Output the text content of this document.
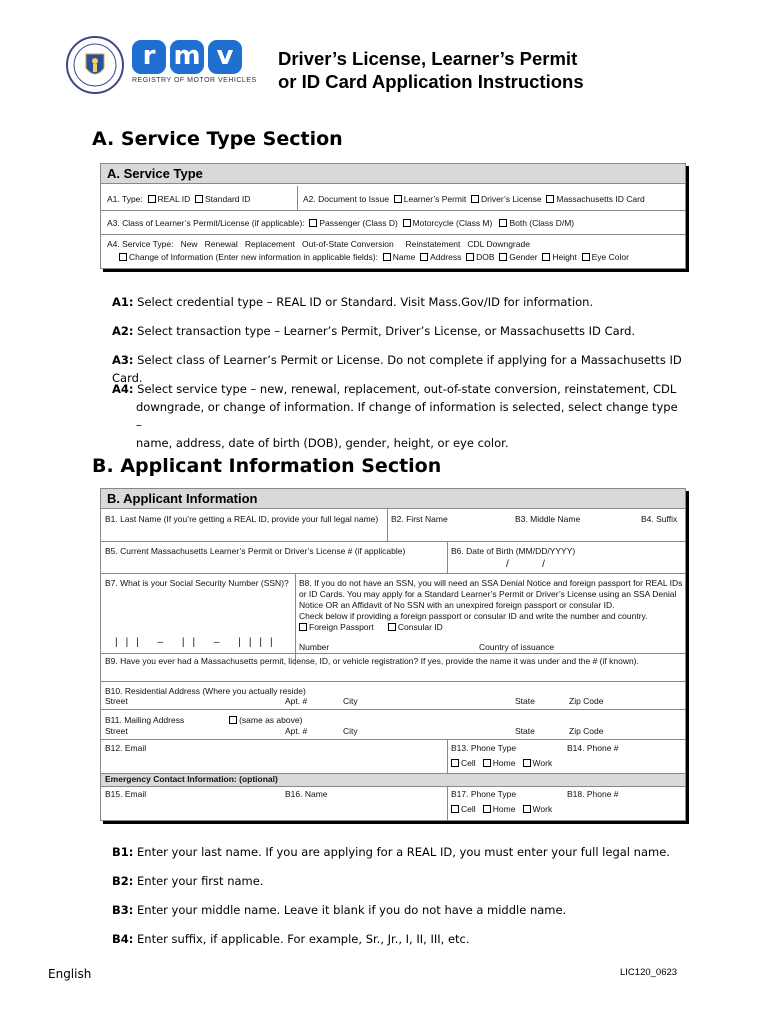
r m v
REGISTRY OF MOTOR VEHICLES
Driver’s License, Learner’s Permit
or ID Card Application Instructions
A. Service Type Section
A. Service Type
A1. Type: REAL ID Standard ID	A2. Document to Issue Learner’s Permit Driver’s License Massachusetts ID Card
A3. Class of Learner’s Permit/License (if applicable): Passenger (Class D) Motorcycle (Class M) Both (Class D/M)
A4. Service Type: New Renewal Replacement Out-of-State Conversion Reinstatement CDL Downgrade
Change of Information (Enter new information in applicable fields): Name Address DOB Gender Height Eye Color
A1: Select credential type – REAL ID or Standard. Visit Mass.Gov/ID for information.
A2: Select transaction type – Learner’s Permit, Driver’s License, or Massachusetts ID Card.
A3: Select class of Learner’s Permit or License. Do not complete if applying for a Massachusetts ID Card.
A4: Select service type – new, renewal, replacement, out-of-state conversion, reinstatement, CDL
downgrade, or change of information. If change of information is selected, select change type –
name, address, date of birth (DOB), gender, height, or eye color.
B. Applicant Information Section
B. Applicant Information
B1. Last Name (If you’re getting a REAL ID, provide your full legal name) B2. First Name	B3. Middle Name	B4. Suffix
B5. Current Massachusetts Learner’s Permit or Driver’s License # (if applicable)	B6. Date of Birth (MM/DD/YYYY)
/            /
B7. What is your Social Security Number (SSN)? B8. If you do not have an SSN, you will need an SSA Denial Notice and foreign passport for REAL IDs
or ID Cards. You may apply for a Standard Learner’s Permit or Driver’s License using an SSA Denial
Notice OR an Affidavit of No SSN with an unexpired foreign passport or consular ID.
Check below if providing a foreign passport or consular ID and write the number and country.
Foreign Passport	Consular ID
||| – || – |||| Number	Country of issuance
B9. Have you ever had a Massachusetts permit, license, ID, or vehicle registration? If yes, provide the name it was under and the # (if known).
B10. Residential Address (Where you actually reside)
Street	Apt. #	City	State	Zip Code
B11. Mailing Address	(same as above)
Street	Apt. #	City	State	Zip Code
B12. Email	B13. Phone Type	B14. Phone #
Cell Home Work
Emergency Contact Information: (optional)
B15. Email	B16. Name	B17. Phone Type	B18. Phone #
Cell Home Work
B1: Enter your last name. If you are applying for a REAL ID, you must enter your full legal name.
B2: Enter your first name.
B3: Enter your middle name. Leave it blank if you do not have a middle name.
B4: Enter suffix, if applicable. For example, Sr., Jr., I, II, III, etc.
English	LIC120_0623
